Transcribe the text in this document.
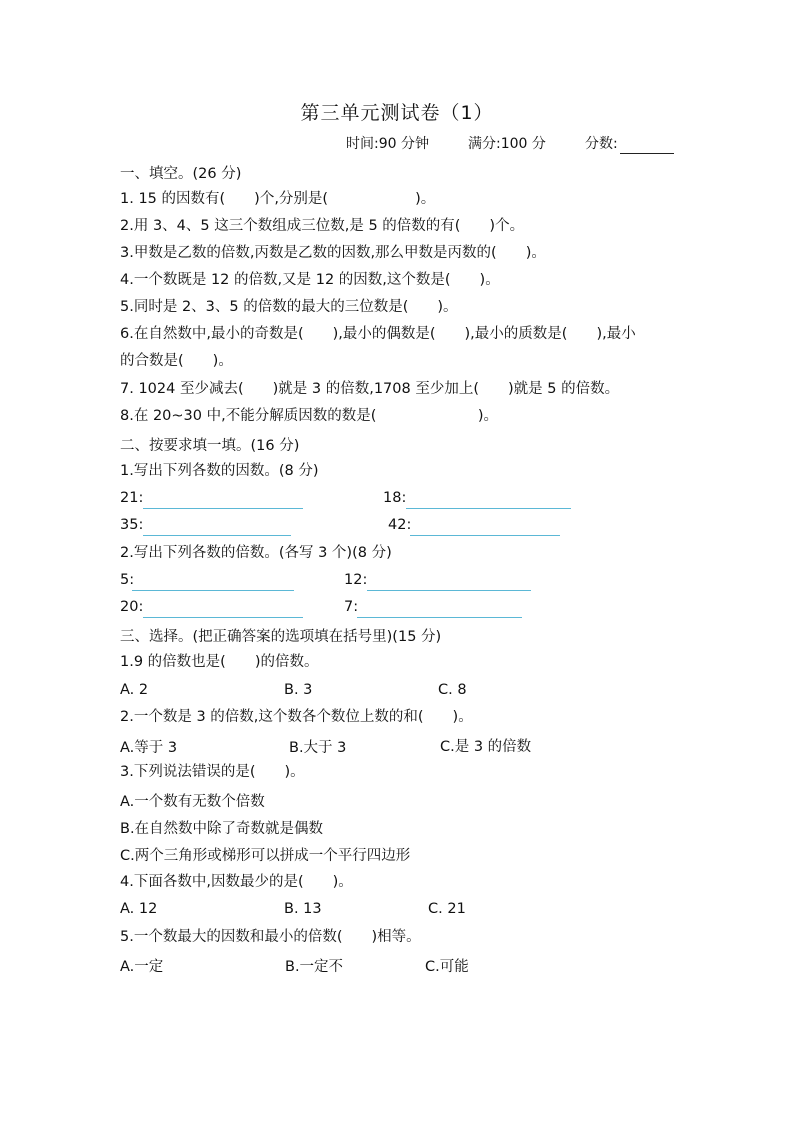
第三单元测试卷（1）
时间:90 分钟	满分:100 分	分数:
一、填空。(26 分)
1. 15 的因数有(　　)个,分别是(　　　　　　)。
2.用 3、4、5 这三个数组成三位数,是 5 的倍数的有(　　)个。
3.甲数是乙数的倍数,丙数是乙数的因数,那么甲数是丙数的(　　)。
4.一个数既是 12 的倍数,又是 12 的因数,这个数是(　　)。
5.同时是 2、3、5 的倍数的最大的三位数是(　　)。
6.在自然数中,最小的奇数是(　　),最小的偶数是(　　),最小的质数是(　　),最小
的合数是(　　)。
7. 1024 至少减去(　　)就是 3 的倍数,1708 至少加上(　　)就是 5 的倍数。
8.在 20~30 中,不能分解质因数的数是(　　　　　　　)。
二、按要求填一填。(16 分)
1.写出下列各数的因数。(8 分)
21:	18:
35:	42:
2.写出下列各数的倍数。(各写 3 个)(8 分)
5:	12:
20:	7:
三、选择。(把正确答案的选项填在括号里)(15 分)
1.9 的倍数也是(　　)的倍数。
A. 2	B. 3	C. 8
2.一个数是 3 的倍数,这个数各个数位上数的和(　　)。
A.等于 3	B.大于 3	C.是 3 的倍数
3.下列说法错误的是(　　)。
A.一个数有无数个倍数
B.在自然数中除了奇数就是偶数
C.两个三角形或梯形可以拼成一个平行四边形
4.下面各数中,因数最少的是(　　)。
A. 12	B. 13	C. 21
5.一个数最大的因数和最小的倍数(　　)相等。
A.一定	B.一定不	C.可能
